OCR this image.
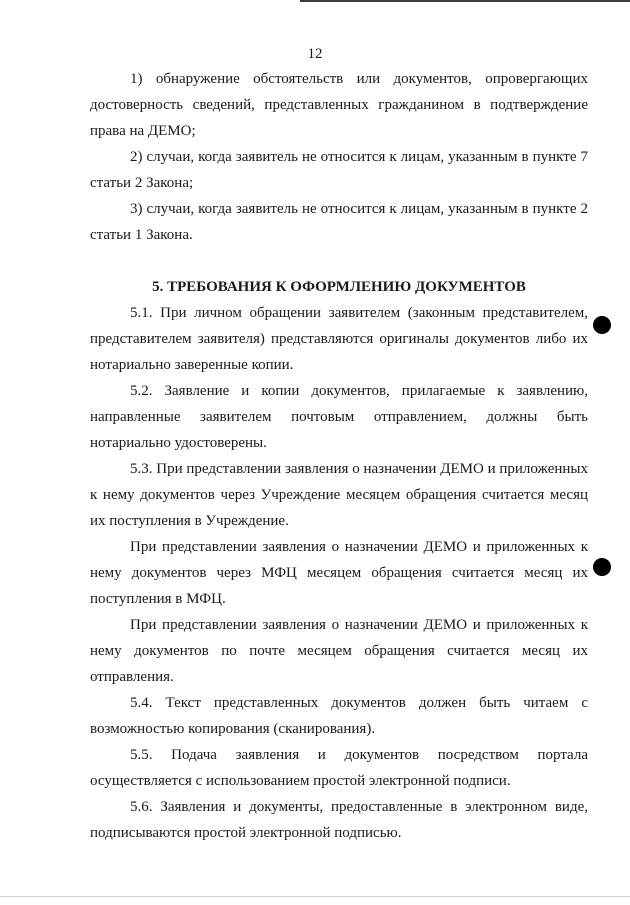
12

1) обнаружение обстоятельств или документов, опровергающих достоверность сведений, представленных гражданином в подтверждение права на ДЕМО;

2) случаи, когда заявитель не относится к лицам, указанным в пункте 7 статьи 2 Закона;

3) случаи, когда заявитель не относится к лицам, указанным в пункте 2 статьи 1 Закона.

5. ТРЕБОВАНИЯ К ОФОРМЛЕНИЮ ДОКУМЕНТОВ

5.1. При личном обращении заявителем (законным представителем, представителем заявителя) представляются оригиналы документов либо их нотариально заверенные копии.

5.2. Заявление и копии документов, прилагаемые к заявлению, направленные заявителем почтовым отправлением, должны быть нотариально удостоверены.

5.3. При представлении заявления о назначении ДЕМО и приложенных к нему документов через Учреждение месяцем обращения считается месяц их поступления в Учреждение.

При представлении заявления о назначении ДЕМО и приложенных к нему документов через МФЦ месяцем обращения считается месяц их поступления в МФЦ.

При представлении заявления о назначении ДЕМО и приложенных к нему документов по почте месяцем обращения считается месяц их отправления.

5.4. Текст представленных документов должен быть читаем с возможностью копирования (сканирования).

5.5. Подача заявления и документов посредством портала осуществляется с использованием простой электронной подписи.

5.6. Заявления и документы, предоставленные в электронном виде, подписываются простой электронной подписью.
